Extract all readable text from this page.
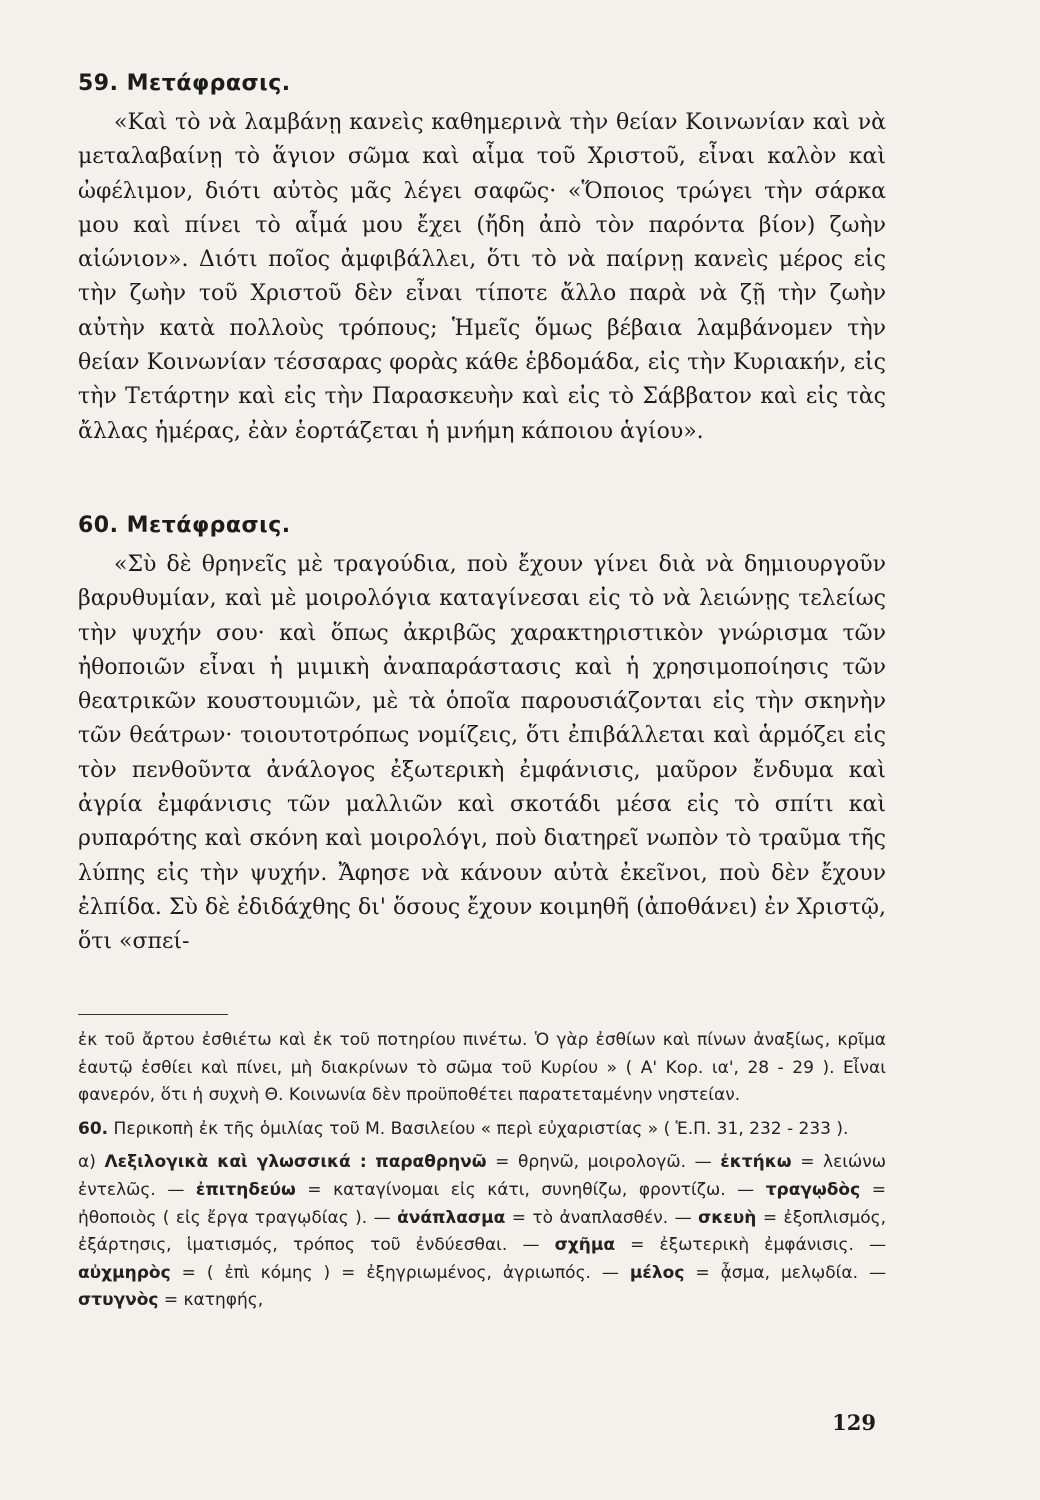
59. Μετάφρασις.

«Καὶ τὸ νὰ λαμβάνῃ κανεὶς καθημερινὰ τὴν θείαν Κοινωνίαν καὶ νὰ μεταλαβαίνῃ τὸ ἅγιον σῶμα καὶ αἷμα τοῦ Χριστοῦ, εἶναι καλὸν καὶ ὠφέλιμον, διότι αὐτὸς μᾶς λέγει σαφῶς· «Ὅποιος τρώγει τὴν σάρκα μου καὶ πίνει τὸ αἷμά μου ἔχει (ἤδη ἀπὸ τὸν παρόντα βίον) ζωὴν αἰώνιον». Διότι ποῖος ἀμφιβάλλει, ὅτι τὸ νὰ παίρνῃ κανεὶς μέρος εἰς τὴν ζωὴν τοῦ Χριστοῦ δὲν εἶναι τίποτε ἄλλο παρὰ νὰ ζῇ τὴν ζωὴν αὐτὴν κατὰ πολλοὺς τρόπους; Ἡμεῖς ὅμως βέβαια λαμβάνομεν τὴν θείαν Κοινωνίαν τέσσαρας φορὰς κάθε ἑβδομάδα, εἰς τὴν Κυριακήν, εἰς τὴν Τετάρτην καὶ εἰς τὴν Παρασκευὴν καὶ εἰς τὸ Σάββατον καὶ εἰς τὰς ἄλλας ἡμέρας, ἐὰν ἑορτάζεται ἡ μνήμη κάποιου ἁγίου».

60. Μετάφρασις.

«Σὺ δὲ θρηνεῖς μὲ τραγούδια, ποὺ ἔχουν γίνει διὰ νὰ δημιουργοῦν βαρυθυμίαν, καὶ μὲ μοιρολόγια καταγίνεσαι εἰς τὸ νὰ λειώνῃς τελείως τὴν ψυχήν σου· καὶ ὅπως ἀκριβῶς χαρακτηριστικὸν γνώρισμα τῶν ἠθοποιῶν εἶναι ἡ μιμικὴ ἀναπαράστασις καὶ ἡ χρησιμοποίησις τῶν θεατρικῶν κουστουμιῶν, μὲ τὰ ὁποῖα παρουσιάζονται εἰς τὴν σκηνὴν τῶν θεάτρων· τοιουτοτρόπως νομίζεις, ὅτι ἐπιβάλλεται καὶ ἁρμόζει εἰς τὸν πενθοῦντα ἀνάλογος ἐξωτερικὴ ἐμφάνισις, μαῦρον ἔνδυμα καὶ ἀγρία ἐμφάνισις τῶν μαλλιῶν καὶ σκοτάδι μέσα εἰς τὸ σπίτι καὶ ρυπαρότης καὶ σκόνη καὶ μοιρολόγι, ποὺ διατηρεῖ νωπὸν τὸ τραῦμα τῆς λύπης εἰς τὴν ψυχήν. Ἄφησε νὰ κάνουν αὐτὰ ἐκεῖνοι, ποὺ δὲν ἔχουν ἐλπίδα. Σὺ δὲ ἐδιδάχθης δι' ὅσους ἔχουν κοιμηθῆ (ἀποθάνει) ἐν Χριστῷ, ὅτι «σπεί-

ἐκ τοῦ ἄρτου ἐσθιέτω καὶ ἐκ τοῦ ποτηρίου πινέτω. Ὁ γὰρ ἐσθίων καὶ πίνων ἀναξίως, κρῖμα ἑαυτῷ ἐσθίει καὶ πίνει, μὴ διακρίνων τὸ σῶμα τοῦ Κυρίου » ( Α' Κορ. ια', 28 - 29 ). Εἶναι φανερόν, ὅτι ἡ συχνὴ Θ. Κοινωνία δὲν προϋποθέτει παρατεταμένην νηστείαν.

60. Περικοπὴ ἐκ τῆς ὁμιλίας τοῦ Μ. Βασιλείου « περὶ εὐχαριστίας » ( Ἑ.Π. 31, 232 - 233 ).

α) Λεξιλογικὰ καὶ γλωσσικά : παραθρηνῶ = θρηνῶ, μοιρολογῶ. — ἐκτήκω = λειώνω ἐντελῶς. — ἐπιτηδεύω = καταγίνομαι εἰς κάτι, συνηθίζω, φροντίζω. — τραγῳδὸς = ἠθοποιὸς ( εἰς ἔργα τραγῳδίας ). — ἀνάπλασμα = τὸ ἀναπλασθέν. — σκευὴ = ἐξοπλισμός, ἐξάρτησις, ἱματισμός, τρόπος τοῦ ἐνδύεσθαι. — σχῆμα = ἐξωτερικὴ ἐμφάνισις. — αὐχμηρὸς = ( ἐπὶ κόμης ) = ἐξηγριωμένος, ἀγριωπός. — μέλος = ᾆσμα, μελῳδία. — στυγνὸς = κατηφής,

129
